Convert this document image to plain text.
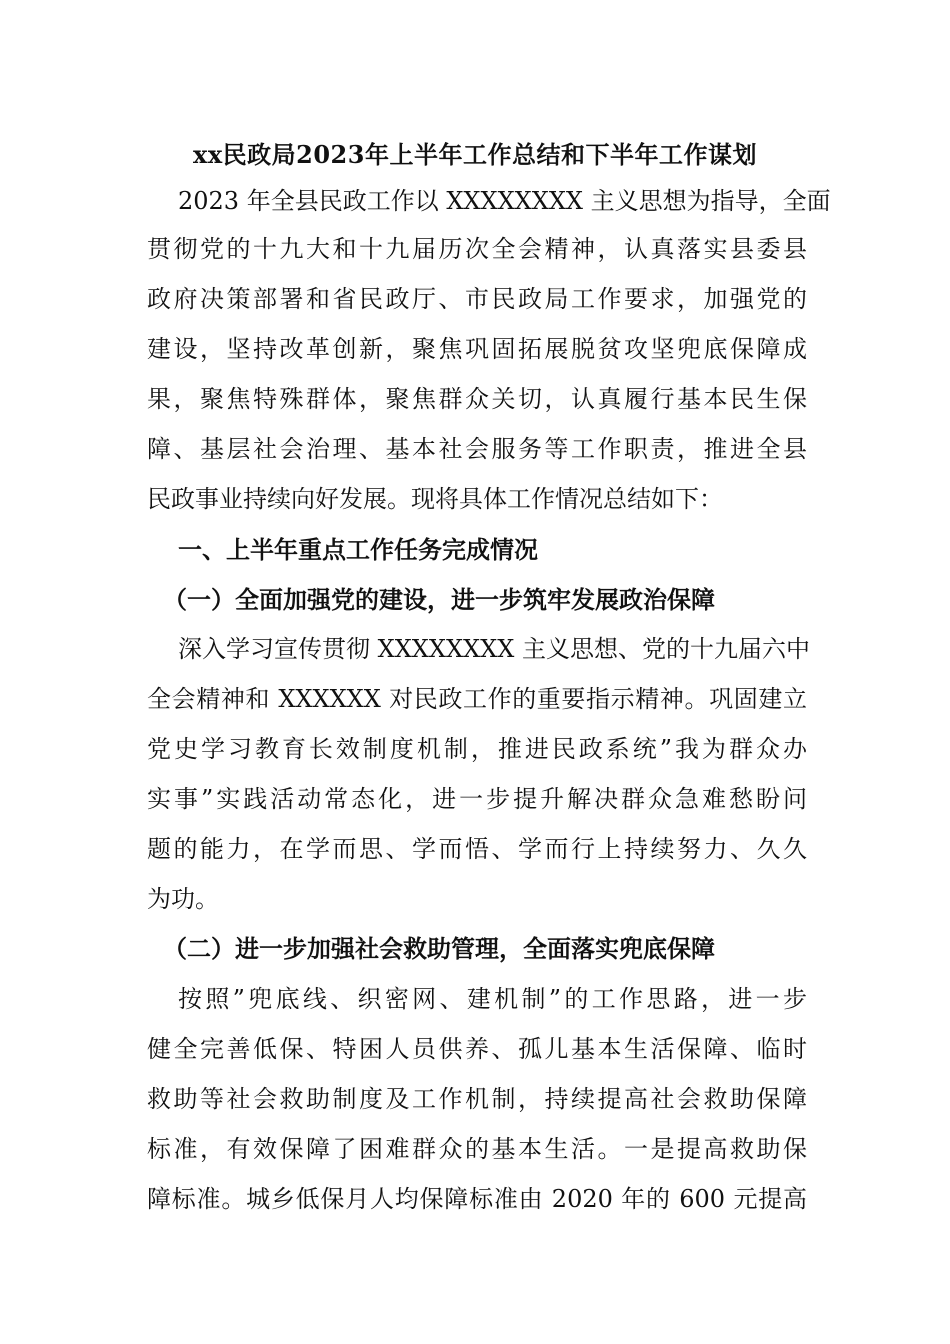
xx民政局2023年上半年工作总结和下半年工作谋划
2023 年全县民政工作以 XXXXXXXX 主义思想为指导，全面
贯彻党的十九大和十九届历次全会精神，认真落实县委县
政府决策部署和省民政厅、市民政局工作要求，加强党的
建设，坚持改革创新，聚焦巩固拓展脱贫攻坚兜底保障成
果，聚焦特殊群体，聚焦群众关切，认真履行基本民生保
障、基层社会治理、基本社会服务等工作职责，推进全县
民政事业持续向好发展。现将具体工作情况总结如下：
一、上半年重点工作任务完成情况
（一）全面加强党的建设，进一步筑牢发展政治保障
深入学习宣传贯彻 XXXXXXXX 主义思想、党的十九届六中
全会精神和 XXXXXX 对民政工作的重要指示精神。巩固建立
党史学习教育长效制度机制，推进民政系统”我为群众办
实事”实践活动常态化，进一步提升解决群众急难愁盼问
题的能力，在学而思、学而悟、学而行上持续努力、久久
为功。
（二）进一步加强社会救助管理，全面落实兜底保障
按照”兜底线、织密网、建机制”的工作思路，进一步
健全完善低保、特困人员供养、孤儿基本生活保障、临时
救助等社会救助制度及工作机制，持续提高社会救助保障
标准，有效保障了困难群众的基本生活。一是提高救助保
障标准。城乡低保月人均保障标准由 2020 年的 600 元提高
